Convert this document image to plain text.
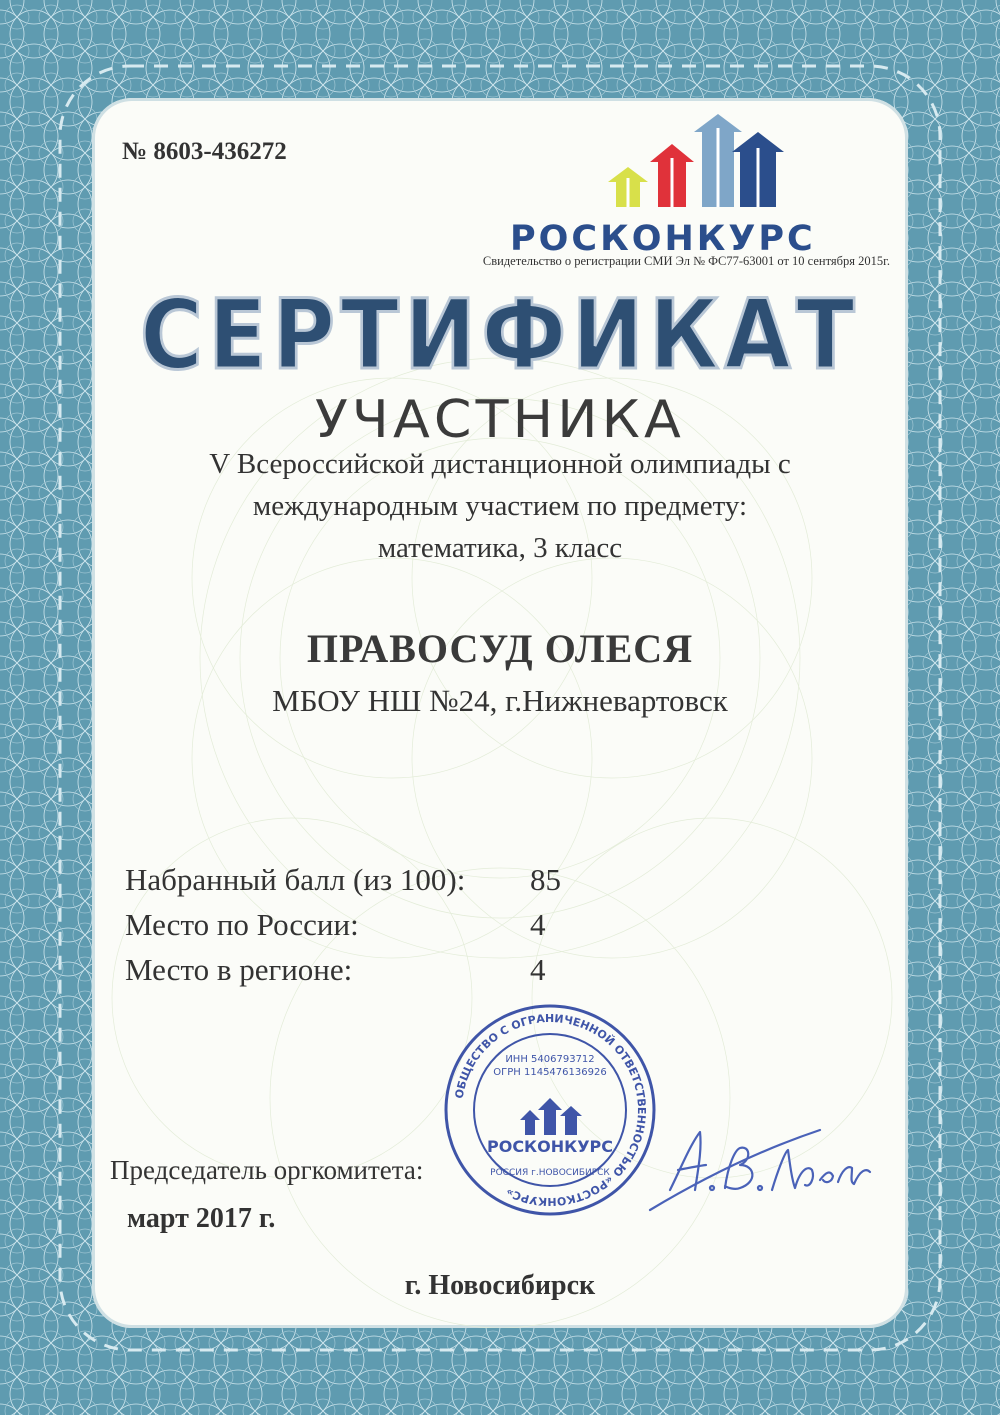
№ 8603-436272
РОСКОНКУРС
Свидетельство о регистрации СМИ Эл № ФС77-63001 от 10 сентября 2015г.
СЕРТИФИКАТ
УЧАСТНИКА
V Всероссийской дистанционной олимпиады с
международным участием по предмету:
математика, 3 класс
ПРАВОСУД ОЛЕСЯ
МБОУ НШ №24, г.Нижневартовск
Набранный балл (из 100): 85
Место по России:	4
Место в регионе:	4
ОБЩЕСТВО С ОГРАНИЧЕННОЙ ОТВЕТСТВЕННОСТЬЮ «РОСТКОНКУРС»
ИНН 5406793712
ОГРН 1145476136926
РОСКОНКУРС
РОССИЯ г.НОВОСИБИРСК
Председатель оргкомитета:
март 2017 г.
г. Новосибирск
